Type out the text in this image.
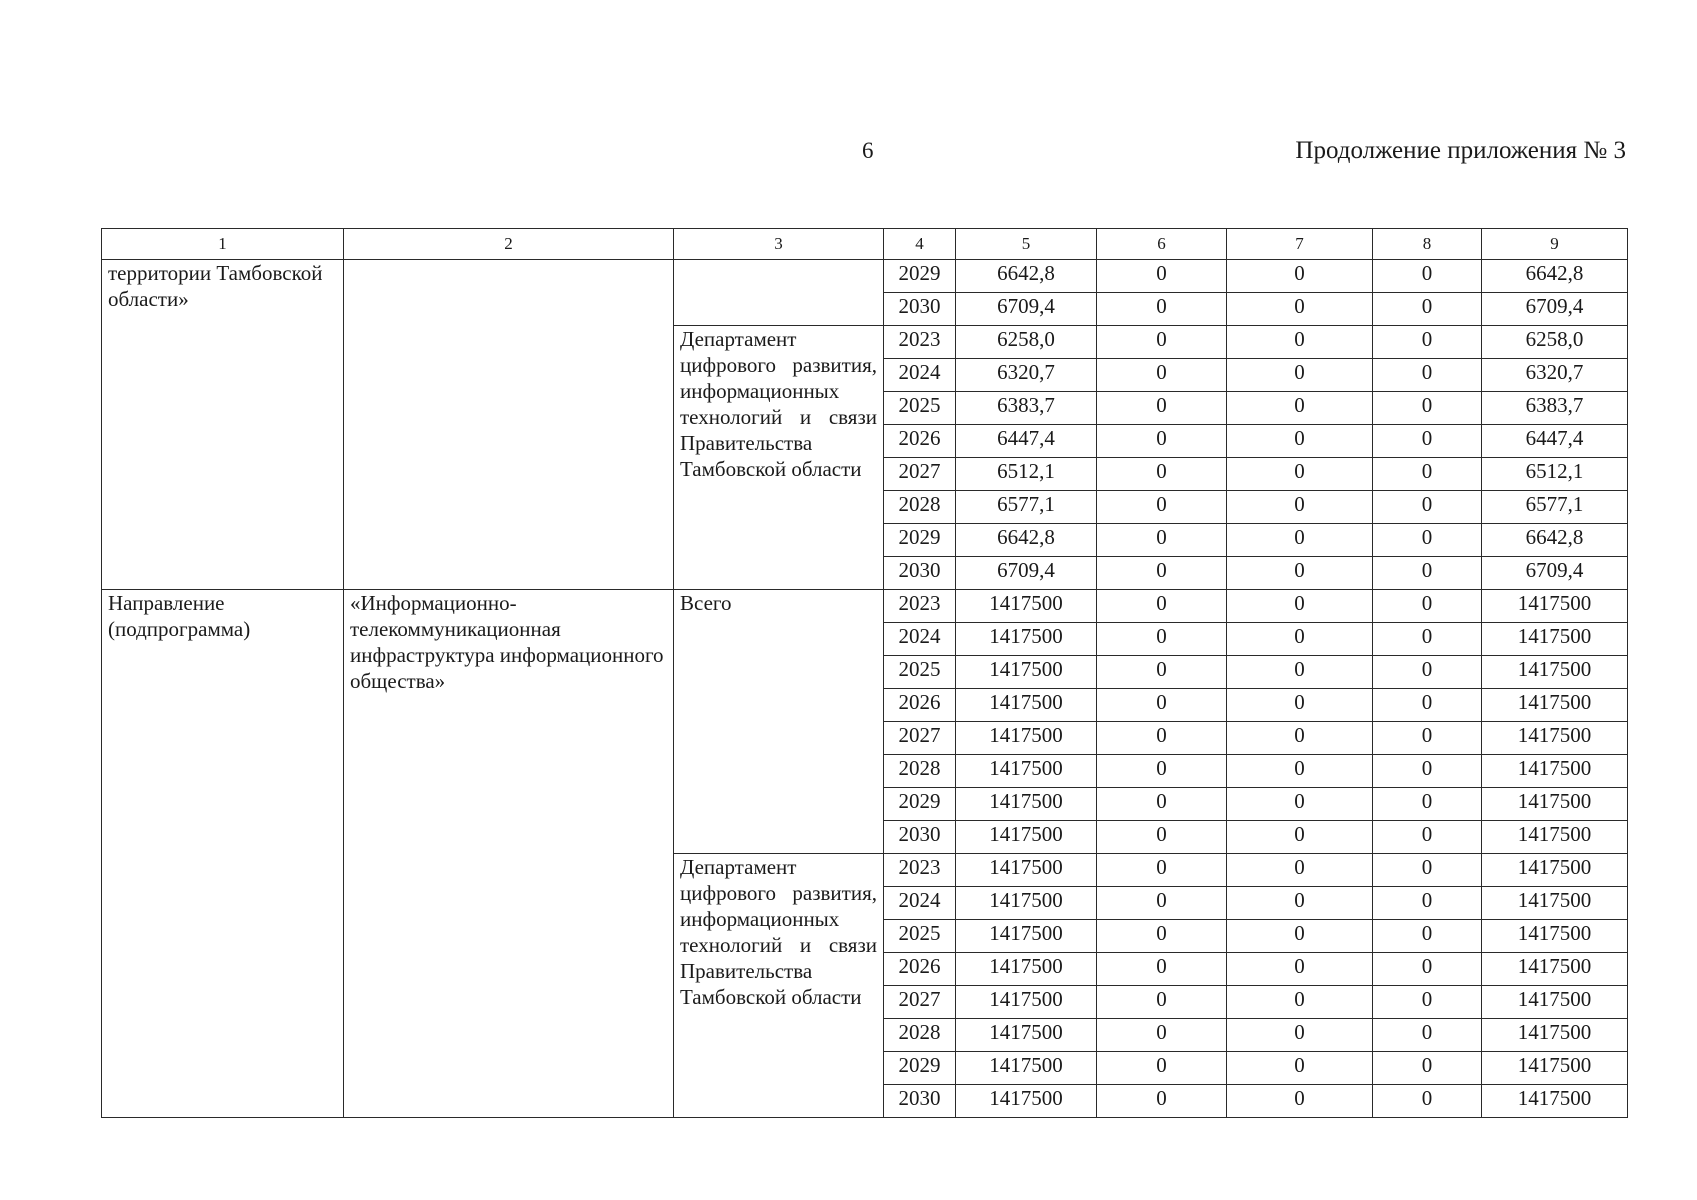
6	Продолжение приложения № 3
1	2	3	4	5	6	7	8	9
территории Тамбовской области»			2029	6642,8	0	0	0	6642,8
			2030	6709,4	0	0	0	6709,4
		Департамент цифрового развития, информационных технологий и связи Правительства Тамбовской области	2023	6258,0	0	0	0	6258,0
			2024	6320,7	0	0	0	6320,7
			2025	6383,7	0	0	0	6383,7
			2026	6447,4	0	0	0	6447,4
			2027	6512,1	0	0	0	6512,1
			2028	6577,1	0	0	0	6577,1
			2029	6642,8	0	0	0	6642,8
			2030	6709,4	0	0	0	6709,4
Направление (подпрограмма)	«Информационно-телекоммуникационная инфраструктура информационного общества»	Всего	2023	1417500	0	0	0	1417500
			2024	1417500	0	0	0	1417500
			2025	1417500	0	0	0	1417500
			2026	1417500	0	0	0	1417500
			2027	1417500	0	0	0	1417500
			2028	1417500	0	0	0	1417500
			2029	1417500	0	0	0	1417500
			2030	1417500	0	0	0	1417500
		Департамент цифрового развития, информационных технологий и связи Правительства Тамбовской области	2023	1417500	0	0	0	1417500
			2024	1417500	0	0	0	1417500
			2025	1417500	0	0	0	1417500
			2026	1417500	0	0	0	1417500
			2027	1417500	0	0	0	1417500
			2028	1417500	0	0	0	1417500
			2029	1417500	0	0	0	1417500
			2030	1417500	0	0	0	1417500
